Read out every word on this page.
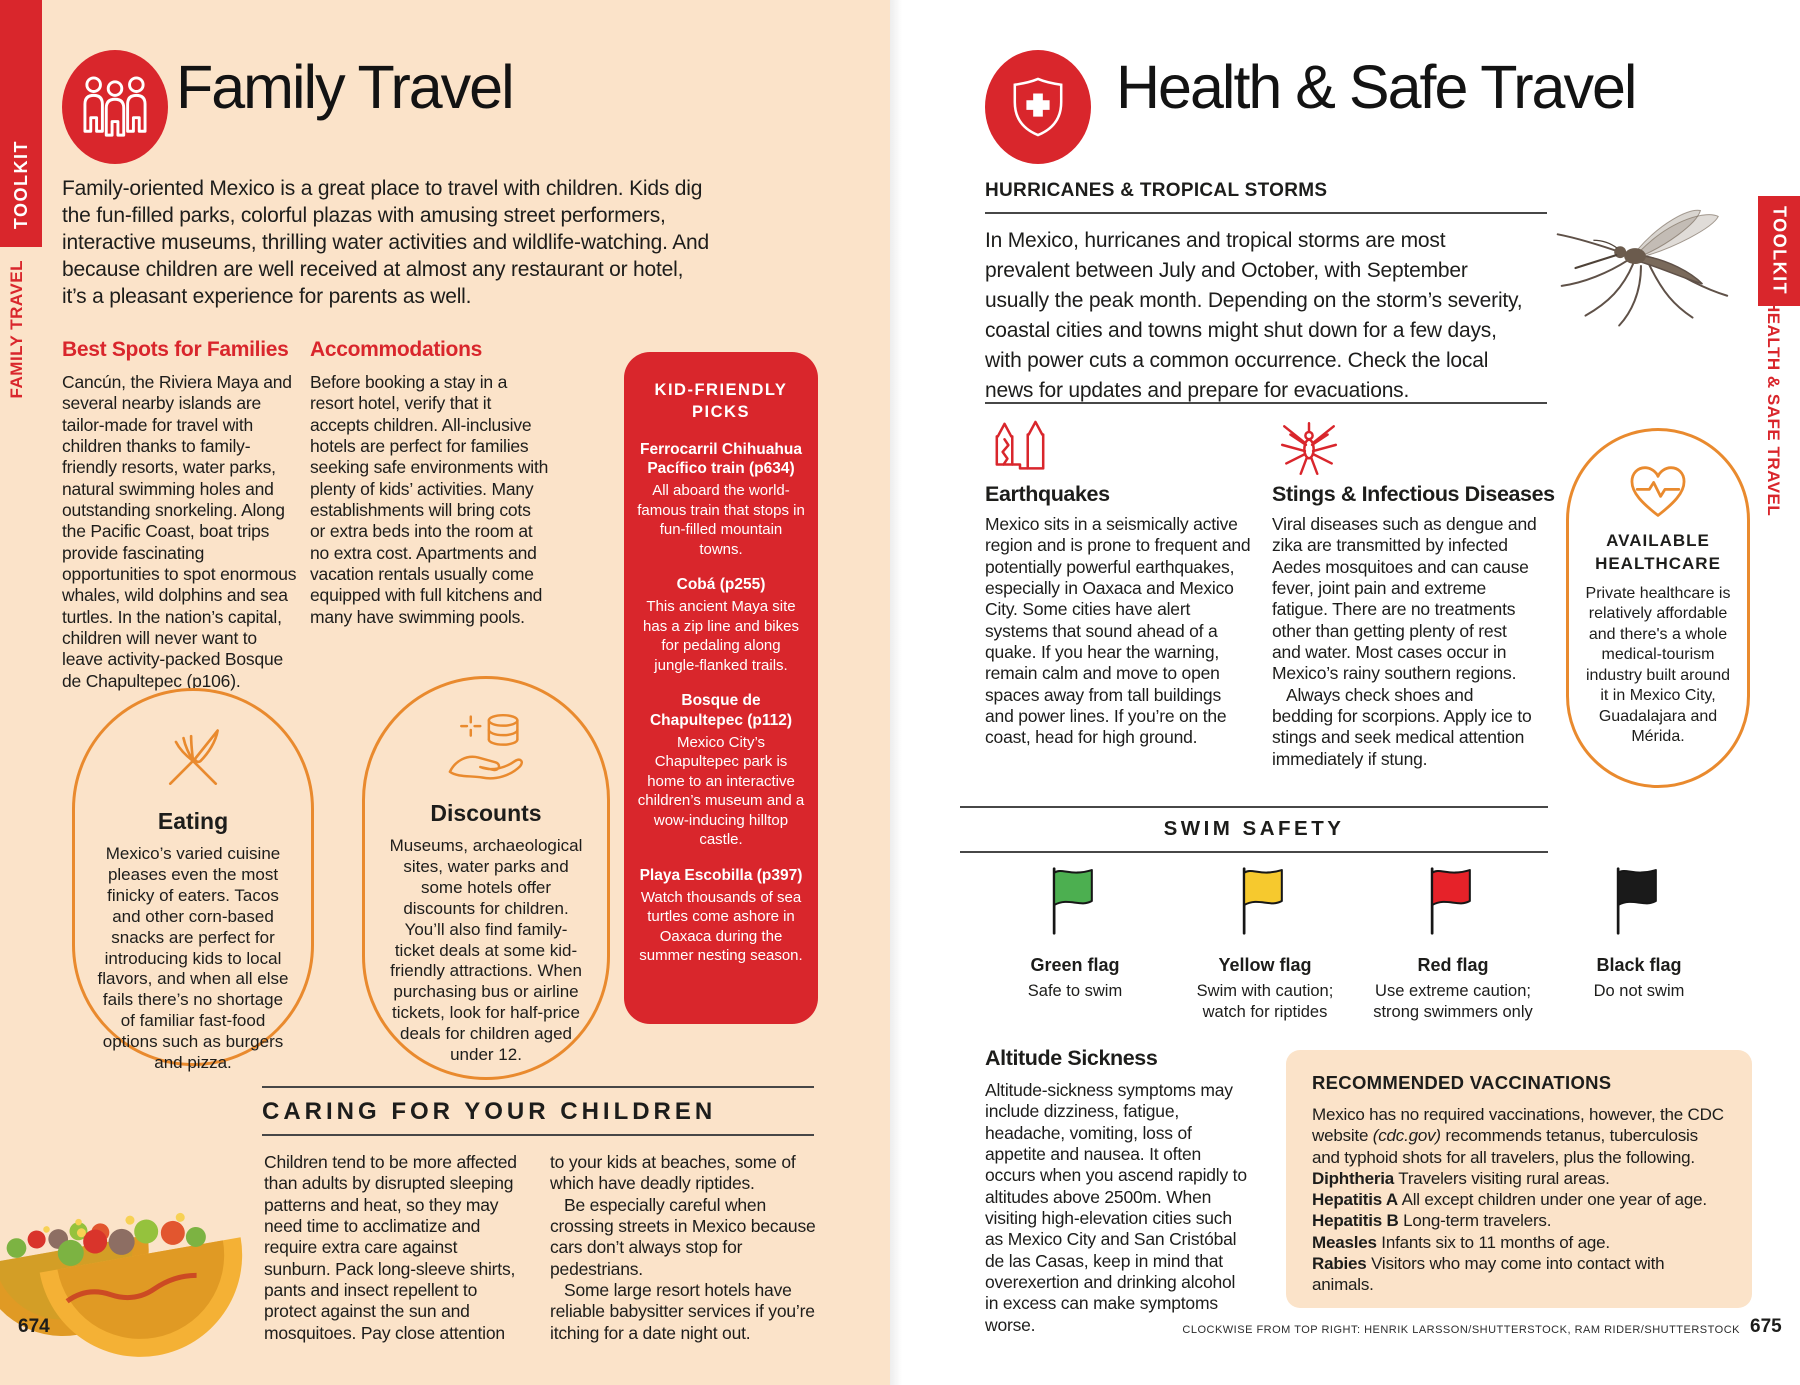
TOOLKIT
FAMILY TRAVEL
Family Travel
Family-oriented Mexico is a great place to travel with children. Kids dig the fun-filled parks, colorful plazas with amusing street performers, interactive museums, thrilling water activities and wildlife-watching. And because children are well received at almost any restaurant or hotel, it’s a pleasant experience for parents as well.
Best Spots for Families
Cancún, the Riviera Maya and several nearby islands are tailor-made for travel with children thanks to family-friendly resorts, water parks, natural swimming holes and outstanding snorkeling. Along the Pacific Coast, boat trips provide fascinating opportunities to spot enormous whales, wild dolphins and sea turtles. In the nation’s capital, children will never want to leave activity-packed Bosque de Chapultepec (p106).
Accommodations
Before booking a stay in a resort hotel, verify that it accepts children. All-inclusive hotels are perfect for families seeking safe environments with plenty of kids’ activities. Many establishments will bring cots or extra beds into the room at no extra cost. Apartments and vacation rentals usually come equipped with full kitchens and many have swimming pools.
KID-FRIENDLY PICKS
Ferrocarril Chihuahua Pacífico train (p634)
All aboard the world-famous train that stops in fun-filled mountain towns.
Cobá (p255)
This ancient Maya site has a zip line and bikes for pedaling along jungle-flanked trails.
Bosque de Chapultepec (p112)
Mexico City’s Chapultepec park is home to an interactive children’s museum and a wow-inducing hilltop castle.
Playa Escobilla (p397)
Watch thousands of sea turtles come ashore in Oaxaca during the summer nesting season.
Eating
Mexico’s varied cuisine pleases even the most finicky of eaters. Tacos and other corn-based snacks are perfect for introducing kids to local flavors, and when all else fails there’s no shortage of familiar fast-food options such as burgers and pizza.
Discounts
Museums, archaeological sites, water parks and some hotels offer discounts for children. You’ll also find family-ticket deals at some kid-friendly attractions. When purchasing bus or airline tickets, look for half-price deals for children aged under 12.
CARING FOR YOUR CHILDREN

Children tend to be more affected than adults by disrupted sleeping patterns and heat, so they may need time to acclimatize and require extra care against sunburn. Pack long-sleeve shirts, pants and insect repellent to protect against the sun and mosquitoes. Pay close attention

to your kids at beaches, some of which have deadly riptides.

Be especially careful when crossing streets in Mexico because cars don’t always stop for pedestrians.

Some large resort hotels have reliable babysitter services if you’re itching for a date night out.

674
TOOLKIT
HEALTH & SAFE TRAVEL
Health & Safe Travel
HURRICANES & TROPICAL STORMS
In Mexico, hurricanes and tropical storms are most prevalent between July and October, with September usually the peak month. Depending on the storm’s severity, coastal cities and towns might shut down for a few days, with power cuts a common occurrence. Check the local news for updates and prepare for evacuations.
Earthquakes
Mexico sits in a seismically active region and is prone to frequent and potentially powerful earthquakes, especially in Oaxaca and Mexico City. Some cities have alert systems that sound ahead of a quake. If you hear the warning, remain calm and move to open spaces away from tall buildings and power lines. If you’re on the coast, head for high ground.
Stings & Infectious Diseases

Viral diseases such as dengue and zika are transmitted by infected Aedes mosquitoes and can cause fever, joint pain and extreme fatigue. There are no treatments other than getting plenty of rest and water. Most cases occur in Mexico’s rainy southern regions.

Always check shoes and bedding for scorpions. Apply ice to stings and seek medical attention immediately if stung.

AVAILABLE
HEALTHCARE
Private healthcare is relatively affordable and there's a whole medical-tourism industry built around it in Mexico City, Guadalajara and Mérida.
SWIM SAFETY
Green flag
Safe to swim
Yellow flag
Swim with caution; watch for riptides
Red flag
Use extreme caution; strong swimmers only
Black flag
Do not swim
Altitude Sickness
Altitude-sickness symptoms may include dizziness, fatigue, headache, vomiting, loss of appetite and nausea. It often occurs when you ascend rapidly to altitudes above 2500m. When visiting high-elevation cities such as Mexico City and San Cristóbal de las Casas, keep in mind that overexertion and drinking alcohol in excess can make symptoms worse.
RECOMMENDED VACCINATIONS
Mexico has no required vaccinations, however, the CDC website (cdc.gov) recommends tetanus, tuberculosis and typhoid shots for all travelers, plus the following.
Diphtheria Travelers visiting rural areas.
Hepatitis A All except children under one year of age.
Hepatitis B Long-term travelers.
Measles Infants six to 11 months of age.
Rabies Visitors who may come into contact with animals.
CLOCKWISE FROM TOP RIGHT: HENRIK LARSSON/SHUTTERSTOCK, RAM RIDER/SHUTTERSTOCK 675
